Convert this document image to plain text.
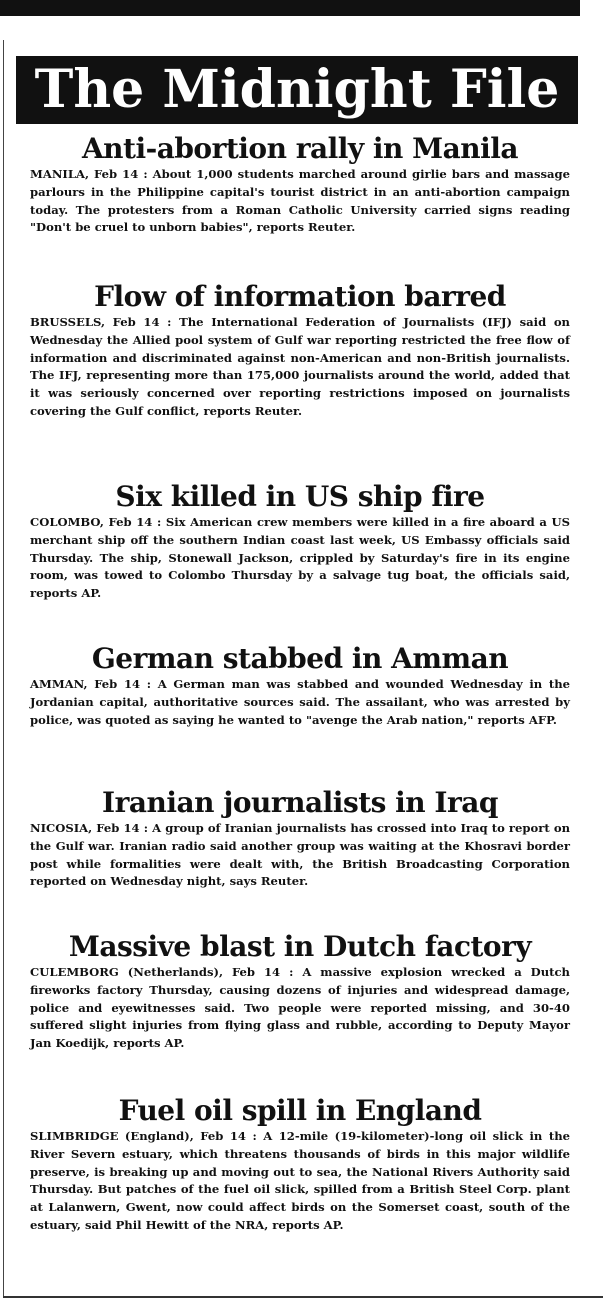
The Midnight File
Anti-abortion rally in Manila

MANILA, Feb 14 : About 1,000 students marched around girlie bars and massage parlours in the Philippine capital's tourist district in an anti-abortion campaign today. The protesters from a Roman Catholic University carried signs reading "Don't be cruel to unborn babies", reports Reuter.

Flow of information barred

BRUSSELS, Feb 14 : The International Federation of Journalists (IFJ) said on Wednesday the Allied pool system of Gulf war reporting restricted the free flow of information and discriminated against non-American and non-British journalists. The IFJ, representing more than 175,000 journalists around the world, added that it was seriously concerned over reporting restrictions imposed on journalists covering the Gulf conflict, reports Reuter.

Six killed in US ship fire

COLOMBO, Feb 14 : Six American crew members were killed in a fire aboard a US merchant ship off the southern Indian coast last week, US Embassy officials said Thursday. The ship, Stonewall Jackson, crippled by Saturday's fire in its engine room, was towed to Colombo Thursday by a salvage tug boat, the officials said, reports AP.

German stabbed in Amman

AMMAN, Feb 14 : A German man was stabbed and wounded Wednesday in the Jordanian capital, authoritative sources said. The assailant, who was arrested by police, was quoted as saying he wanted to "avenge the Arab nation," reports AFP.

Iranian journalists in Iraq

NICOSIA, Feb 14 : A group of Iranian journalists has crossed into Iraq to report on the Gulf war. Iranian radio said another group was waiting at the Khosravi border post while formalities were dealt with, the British Broadcasting Corporation reported on Wednesday night, says Reuter.

Massive blast in Dutch factory

CULEMBORG (Netherlands), Feb 14 : A massive explosion wrecked a Dutch fireworks factory Thursday, causing dozens of injuries and widespread damage, police and eyewitnesses said. Two people were reported missing, and 30-40 suffered slight injuries from flying glass and rubble, according to Deputy Mayor Jan Koedijk, reports AP.

Fuel oil spill in England

SLIMBRIDGE (England), Feb 14 : A 12-mile (19-kilometer)-long oil slick in the River Severn estuary, which threatens thousands of birds in this major wildlife preserve, is breaking up and moving out to sea, the National Rivers Authority said Thursday. But patches of the fuel oil slick, spilled from a British Steel Corp. plant at Lalanwern, Gwent, now could affect birds on the Somerset coast, south of the estuary, said Phil Hewitt of the NRA, reports AP.
